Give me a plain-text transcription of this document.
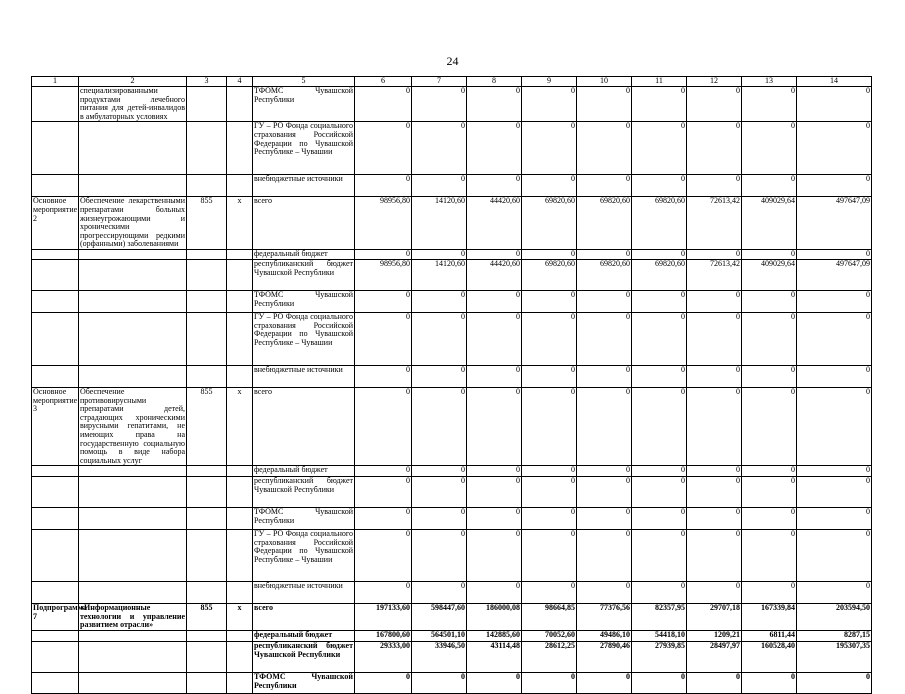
24
1	2	3	4	5	6	7	8	9	10	11	12	13	14
	специализированными продуктами лечебного питания для детей-инвалидов в амбулаторных условиях			ТФОМС Чувашской Республики	0	0	0	0	0	0	0	0	0
				ГУ – РО Фонда социального страхования Российской Федерации по Чувашской Республике – Чувашии	0	0	0	0	0	0	0	0	0
				внебюджетные источники	0	0	0	0	0	0	0	0	0
Основное мероприятие 2	Обеспечение лекарственными препаратами больных жизнеугрожающими и хроническими прогрессирующими редкими (орфанными) заболеваниями	855	x	всего	98956,80	14120,60	44420,60	69820,60	69820,60	69820,60	72613,42	409029,64	497647,09
				федеральный бюджет	0	0	0	0	0	0	0	0	0
				республиканский бюджет Чувашской Республики	98956,80	14120,60	44420,60	69820,60	69820,60	69820,60	72613,42	409029,64	497647,09
				ТФОМС Чувашской Республики	0	0	0	0	0	0	0	0	0
				ГУ – РО Фонда социального страхования Российской Федерации по Чувашской Республике – Чувашии	0	0	0	0	0	0	0	0	0
				внебюджетные источники	0	0	0	0	0	0	0	0	0
Основное мероприятие 3	Обеспечение противовирусными препаратами детей, страдающих хроническими вирусными гепатитами, не имеющих права на государственную социальную помощь в виде набора социальных услуг	855	x	всего	0	0	0	0	0	0	0	0	0
				федеральный бюджет	0	0	0	0	0	0	0	0	0
				республиканский бюджет Чувашской Республики	0	0	0	0	0	0	0	0	0
				ТФОМС Чувашской Республики	0	0	0	0	0	0	0	0	0
				ГУ – РО Фонда социального страхования Российской Федерации по Чувашской Республике – Чувашии	0	0	0	0	0	0	0	0	0
				внебюджетные источники	0	0	0	0	0	0	0	0	0
Подпрограмма 7	«Информационные технологии и управление развитием отрасли»	855	x	всего	197133,60	598447,60	186000,08	98664,85	77376,56	82357,95	29707,18	167339,84	203594,50
				федеральный бюджет	167800,60	564501,10	142885,60	70052,60	49486,10	54418,10	1209,21	6811,44	8287,15
				республиканский бюджет Чувашской Республики	29333,00	33946,50	43114,48	28612,25	27890,46	27939,85	28497,97	160528,40	195307,35
				ТФОМС Чувашской Республики	0	0	0	0	0	0	0	0	0
